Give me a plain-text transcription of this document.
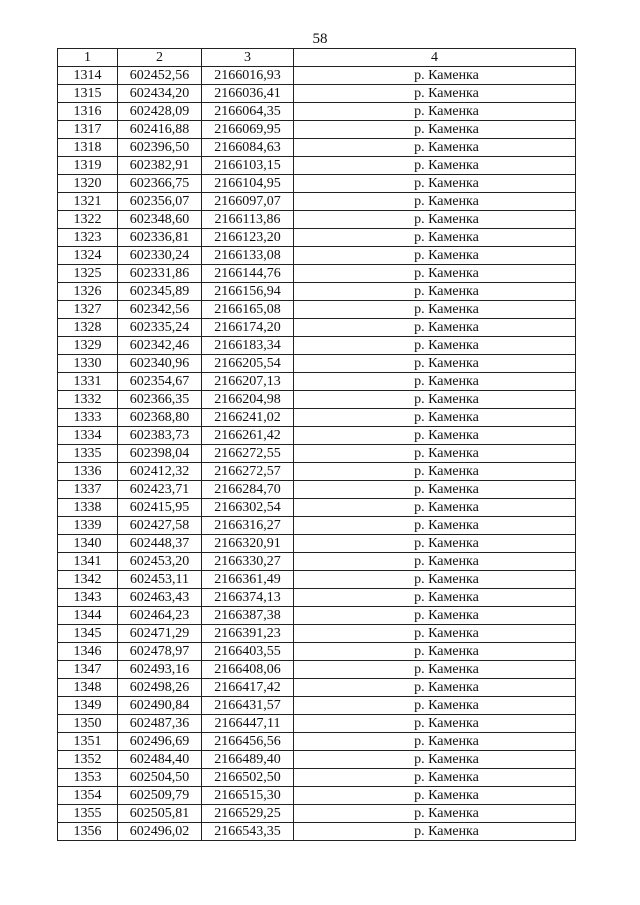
58
1	2	3	4
1314	602452,56	2166016,93	р. Каменка
1315	602434,20	2166036,41	р. Каменка
1316	602428,09	2166064,35	р. Каменка
1317	602416,88	2166069,95	р. Каменка
1318	602396,50	2166084,63	р. Каменка
1319	602382,91	2166103,15	р. Каменка
1320	602366,75	2166104,95	р. Каменка
1321	602356,07	2166097,07	р. Каменка
1322	602348,60	2166113,86	р. Каменка
1323	602336,81	2166123,20	р. Каменка
1324	602330,24	2166133,08	р. Каменка
1325	602331,86	2166144,76	р. Каменка
1326	602345,89	2166156,94	р. Каменка
1327	602342,56	2166165,08	р. Каменка
1328	602335,24	2166174,20	р. Каменка
1329	602342,46	2166183,34	р. Каменка
1330	602340,96	2166205,54	р. Каменка
1331	602354,67	2166207,13	р. Каменка
1332	602366,35	2166204,98	р. Каменка
1333	602368,80	2166241,02	р. Каменка
1334	602383,73	2166261,42	р. Каменка
1335	602398,04	2166272,55	р. Каменка
1336	602412,32	2166272,57	р. Каменка
1337	602423,71	2166284,70	р. Каменка
1338	602415,95	2166302,54	р. Каменка
1339	602427,58	2166316,27	р. Каменка
1340	602448,37	2166320,91	р. Каменка
1341	602453,20	2166330,27	р. Каменка
1342	602453,11	2166361,49	р. Каменка
1343	602463,43	2166374,13	р. Каменка
1344	602464,23	2166387,38	р. Каменка
1345	602471,29	2166391,23	р. Каменка
1346	602478,97	2166403,55	р. Каменка
1347	602493,16	2166408,06	р. Каменка
1348	602498,26	2166417,42	р. Каменка
1349	602490,84	2166431,57	р. Каменка
1350	602487,36	2166447,11	р. Каменка
1351	602496,69	2166456,56	р. Каменка
1352	602484,40	2166489,40	р. Каменка
1353	602504,50	2166502,50	р. Каменка
1354	602509,79	2166515,30	р. Каменка
1355	602505,81	2166529,25	р. Каменка
1356	602496,02	2166543,35	р. Каменка
